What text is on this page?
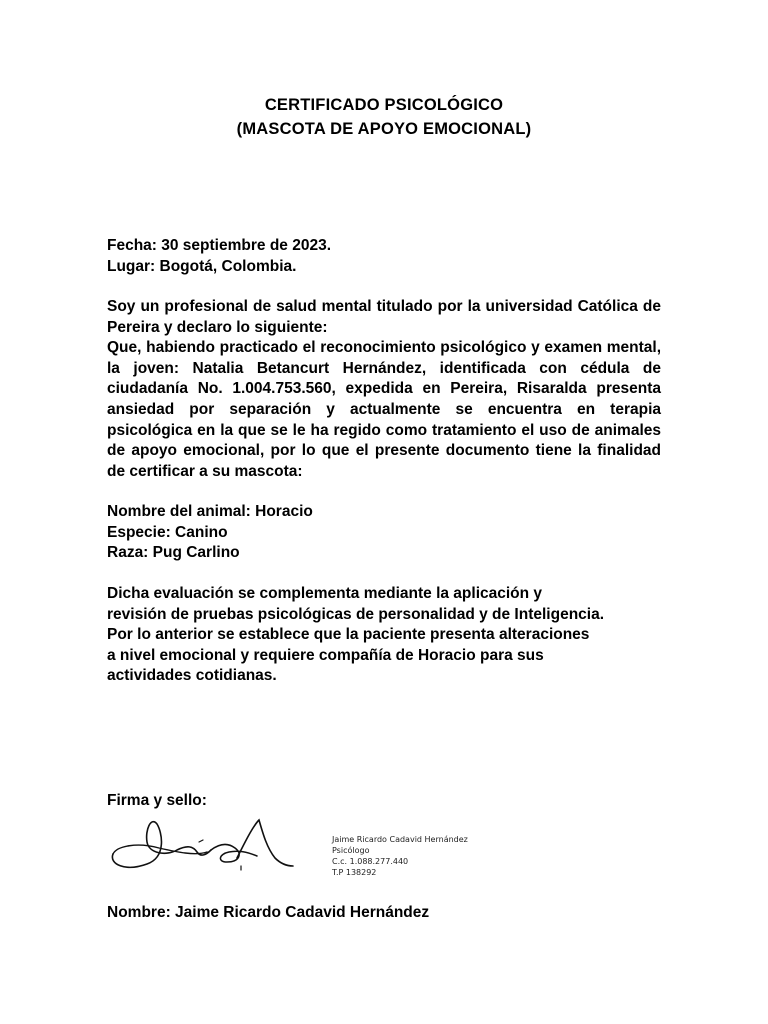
CERTIFICADO PSICOLÓGICO
(MASCOTA DE APOYO EMOCIONAL)

Fecha: 30 septiembre de 2023.

Lugar: Bogotá, Colombia.

Soy un profesional de salud mental titulado por la universidad Católica de Pereira y declaro lo siguiente:

Que, habiendo practicado el reconocimiento psicológico y examen mental, la joven: Natalia Betancurt Hernández, identificada con cédula de ciudadanía No. 1.004.753.560, expedida en Pereira, Risaralda presenta ansiedad por separación y actualmente se encuentra en terapia psicológica en la que se le ha regido como tratamiento el uso de animales de apoyo emocional, por lo que el presente documento tiene la finalidad de certificar a su mascota:

Nombre del animal: Horacio

Especie: Canino

Raza: Pug Carlino

Dicha evaluación se complementa mediante la aplicación y

revisión de pruebas psicológicas de personalidad y de Inteligencia.

Por lo anterior se establece que la paciente presenta alteraciones

a nivel emocional y requiere compañía de Horacio para sus

actividades cotidianas.

Firma y sello:
Jaime Ricardo Cadavid Hernández
Psicólogo
C.c. 1.088.277.440
T.P 138292
Nombre: Jaime Ricardo Cadavid Hernández
